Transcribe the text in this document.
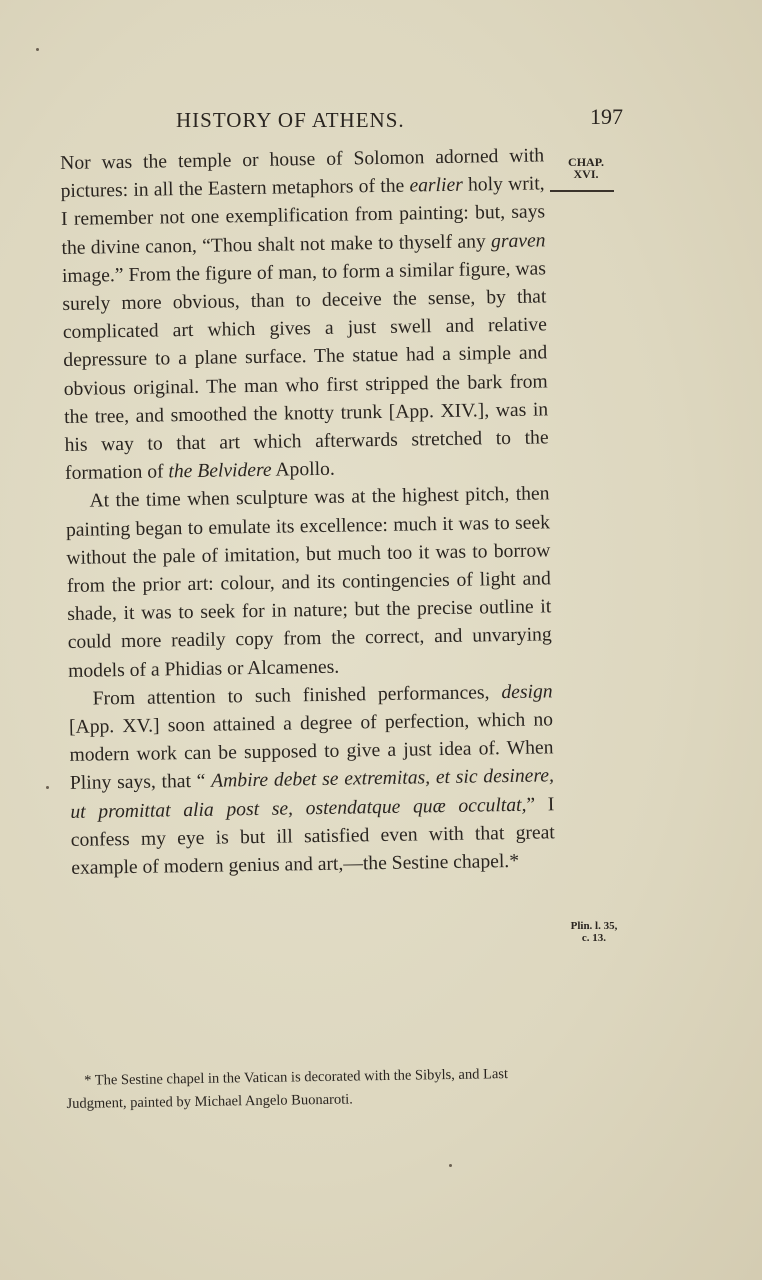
HISTORY OF ATHENS.	197
CHAP.
XVI.
Plin. l. 35,
c. 13.

Nor was the temple or house of Solomon adorned with pictures: in all the Eastern metaphors of the earlier holy writ, I remember not one exemplification from painting: but, says the divine canon, “Thou shalt not make to thyself any graven image.” From the figure of man, to form a similar figure, was surely more obvious, than to deceive the sense, by that complicated art which gives a just swell and relative depressure to a plane surface. The statue had a simple and obvious original. The man who first stripped the bark from the tree, and smoothed the knotty trunk [App. XIV.], was in his way to that art which afterwards stretched to the formation of the Belvidere Apollo.

At the time when sculpture was at the highest pitch, then painting began to emulate its excellence: much it was to seek without the pale of imitation, but much too it was to borrow from the prior art: colour, and its contingencies of light and shade, it was to seek for in nature; but the precise outline it could more readily copy from the correct, and unvarying models of a Phidias or Alcamenes.

From attention to such finished performances, design [App. XV.] soon attained a degree of perfection, which no modern work can be supposed to give a just idea of. When Pliny says, that “ Ambire debet se extremitas, et sic desinere, ut promittat alia post se, ostendatque quæ occultat,” I confess my eye is but ill satisfied even with that great example of modern genius and art,—the Sestine chapel.*

* The Sestine chapel in the Vatican is decorated with the Sibyls, and Last Judgment, painted by Michael Angelo Buonaroti.
